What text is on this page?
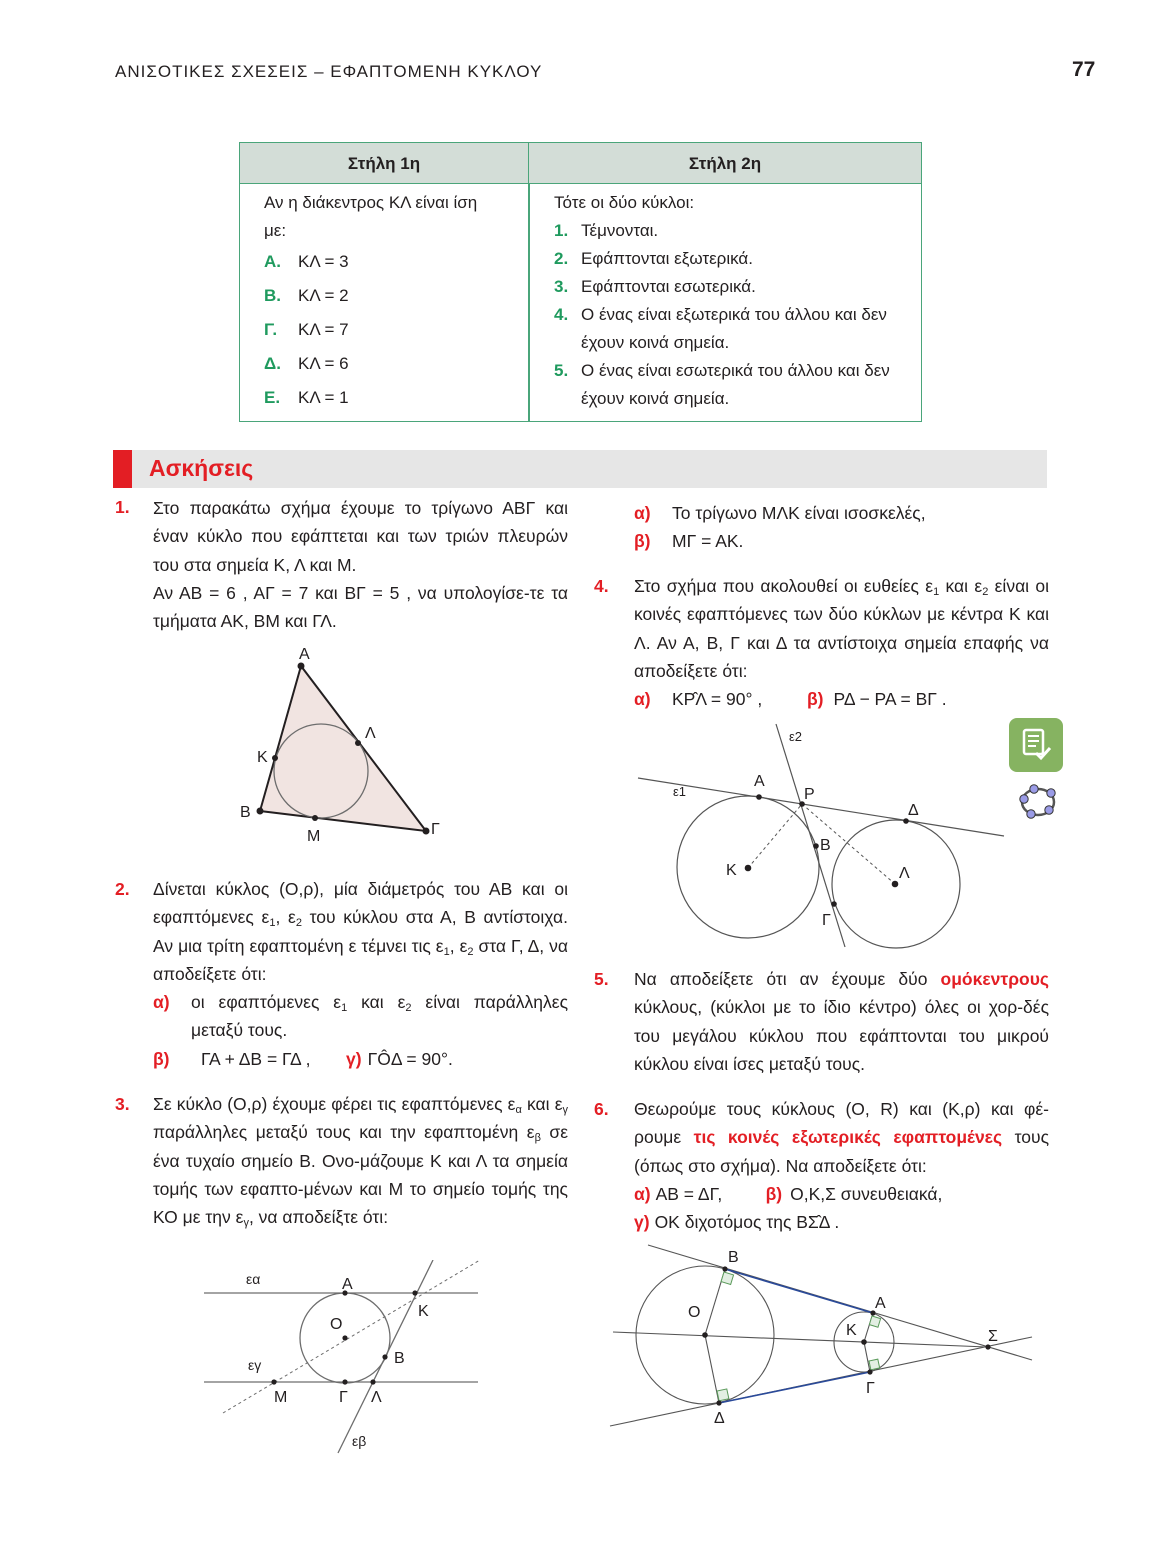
ΑΝΙΣΟΤΙΚΕΣ ΣΧΕΣΕΙΣ – ΕΦΑΠΤΟΜΕΝΗ ΚΥΚΛΟΥ	77
Στήλη 1η	Στήλη 2η
Αν η διάκεντρος ΚΛ είναι ίση
με:
Α. ΚΛ = 3
Β. ΚΛ = 2
Γ. ΚΛ = 7
Δ. ΚΛ = 6
Ε. ΚΛ = 1
Τότε οι δύο κύκλοι:
1. Τέμνονται.
2. Εφάπτονται εξωτερικά.
3. Εφάπτονται εσωτερικά.
4. Ο ένας είναι εξωτερικά του άλλου και δεν έχουν κοινά σημεία.
5. Ο ένας είναι εσωτερικά του άλλου και δεν έχουν κοινά σημεία.
Ασκήσεις
1. Στο παρακάτω σχήμα έχουμε το τρίγωνο ΑΒΓ και έναν κύκλο που εφάπτεται και των τριών πλευρών του στα σημεία Κ, Λ και Μ.
Αν ΑΒ = 6 , ΑΓ = 7 και ΒΓ = 5 , να υπολογίσε-τε τα τμήματα ΑΚ, ΒΜ και ΓΛ.
Α
Β
Γ
Κ
Λ
Μ
2. Δίνεται κύκλος (Ο,ρ), μία διάμετρός του ΑΒ και οι εφαπτόμενες $\varepsilon_1$, $\varepsilon_2$ του κύκλου στα Α, Β αντίστοιχα. Αν μια τρίτη εφαπτομένη ε τέμνει τις $\varepsilon_1$, $\varepsilon_2$ στα Γ, Δ, να αποδείξετε ότι:
α)	οι εφαπτόμενες $\varepsilon_1$ και $\varepsilon_2$ είναι παράλληλες μεταξύ τους.
β)	ΓΑ + ΔΒ = ΓΔ ,	γ) ΓÔΔ = 90°.
3. Σε κύκλο (Ο,ρ) έχουμε φέρει τις εφαπτόμενες $\varepsilon_\alpha$ και $\varepsilon_\gamma$ παράλληλες μεταξύ τους και την εφαπτομένη $\varepsilon_\beta$ σε ένα τυχαίο σημείο Β. Ονο-μάζουμε Κ και Λ τα σημεία τομής των εφαπτο-μένων και Μ το σημείο τομής της ΚΟ με την $\varepsilon_\gamma$, να αποδείξτε ότι:
εα
εγ
εβ
Α
Ο
Κ
Β
Μ	Γ Λ
α)	Το τρίγωνο ΜΛΚ είναι ισοσκελές,
β)	ΜΓ = ΑΚ.
4. Στο σχήμα που ακολουθεί οι ευθείες $\varepsilon_1$ και $\varepsilon_2$ είναι οι κοινές εφαπτόμενες των δύο κύκλων με κέντρα Κ και Λ. Αν Α, Β, Γ και Δ τα αντίστοιχα σημεία επαφής να αποδείξετε ότι:
α)	ΚΡ̂Λ = 90° ,	β) ΡΔ − ΡΑ = ΒΓ .
ε1
ε2
Α
Ρ
Δ
Β
Κ	Λ
Γ
5. Να αποδείξετε ότι αν έχουμε δύο ομόκεντρους κύκλους, (κύκλοι με το ίδιο κέντρο) όλες οι χορ-δές του μεγάλου κύκλου που εφάπτονται του μικρού κύκλου είναι ίσες μεταξύ τους.
6. Θεωρούμε τους κύκλους (Ο, R) και (Κ,ρ) και φέ-ρουμε τις κοινές εξωτερικές εφαπτομένες τους (όπως στο σχήμα). Να αποδείξετε ότι:
α) ΑΒ = ΔΓ,	β) Ο,Κ,Σ συνευθειακά,
γ) ΟΚ διχοτόμος της ΒΣ̂Δ .
Β
Ο
Α
Κ	Σ
Γ
Δ
